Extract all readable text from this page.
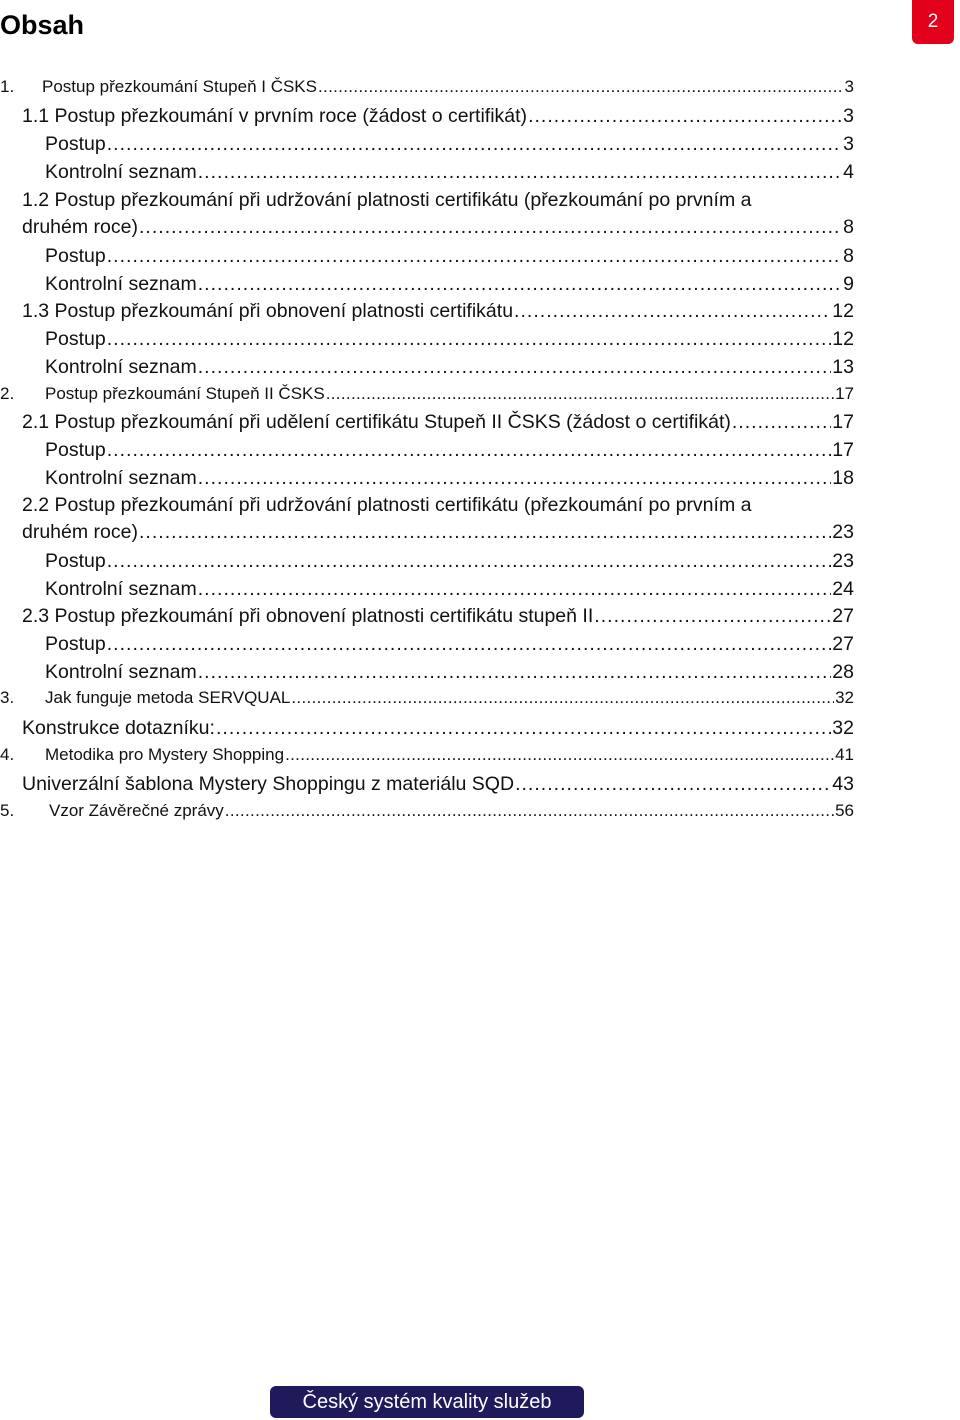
Obsah	2
1.	Postup přezkoumání Stupeň I ČSKS . . .	3
1.1 Postup přezkoumání v prvním roce (žádost o certifikát) . . .	3
Postup . . .	3
Kontrolní seznam . . .	4
1.2 Postup přezkoumání při udržování platnosti certifikátu (přezkoumání po prvním a
druhém roce) . . .	8
Postup . . .	8
Kontrolní seznam . . .	9
1.3 Postup přezkoumání při obnovení platnosti certifikátu . . .	12
Postup . . .	12
Kontrolní seznam . . .	13
2.	Postup přezkoumání Stupeň II ČSKS . . .	17
2.1 Postup přezkoumání při udělení certifikátu Stupeň II ČSKS (žádost o certifikát) . . .	17
Postup . . .	17
Kontrolní seznam . . .	18
2.2 Postup přezkoumání při udržování platnosti certifikátu (přezkoumání po prvním a
druhém roce) . . .	23
Postup . . .	23
Kontrolní seznam . . .	24
2.3 Postup přezkoumání při obnovení platnosti certifikátu stupeň II . . .	27
Postup . . .	27
Kontrolní seznam . . .	28
3.	Jak funguje metoda SERVQUAL . . .	32
Konstrukce dotazníku: . . .	32
4.	Metodika pro Mystery Shopping . . .	41
Univerzální šablona Mystery Shoppingu z materiálu SQD . . .	43
5.	Vzor Závěrečné zprávy . . .	56
Český systém kvality služeb
